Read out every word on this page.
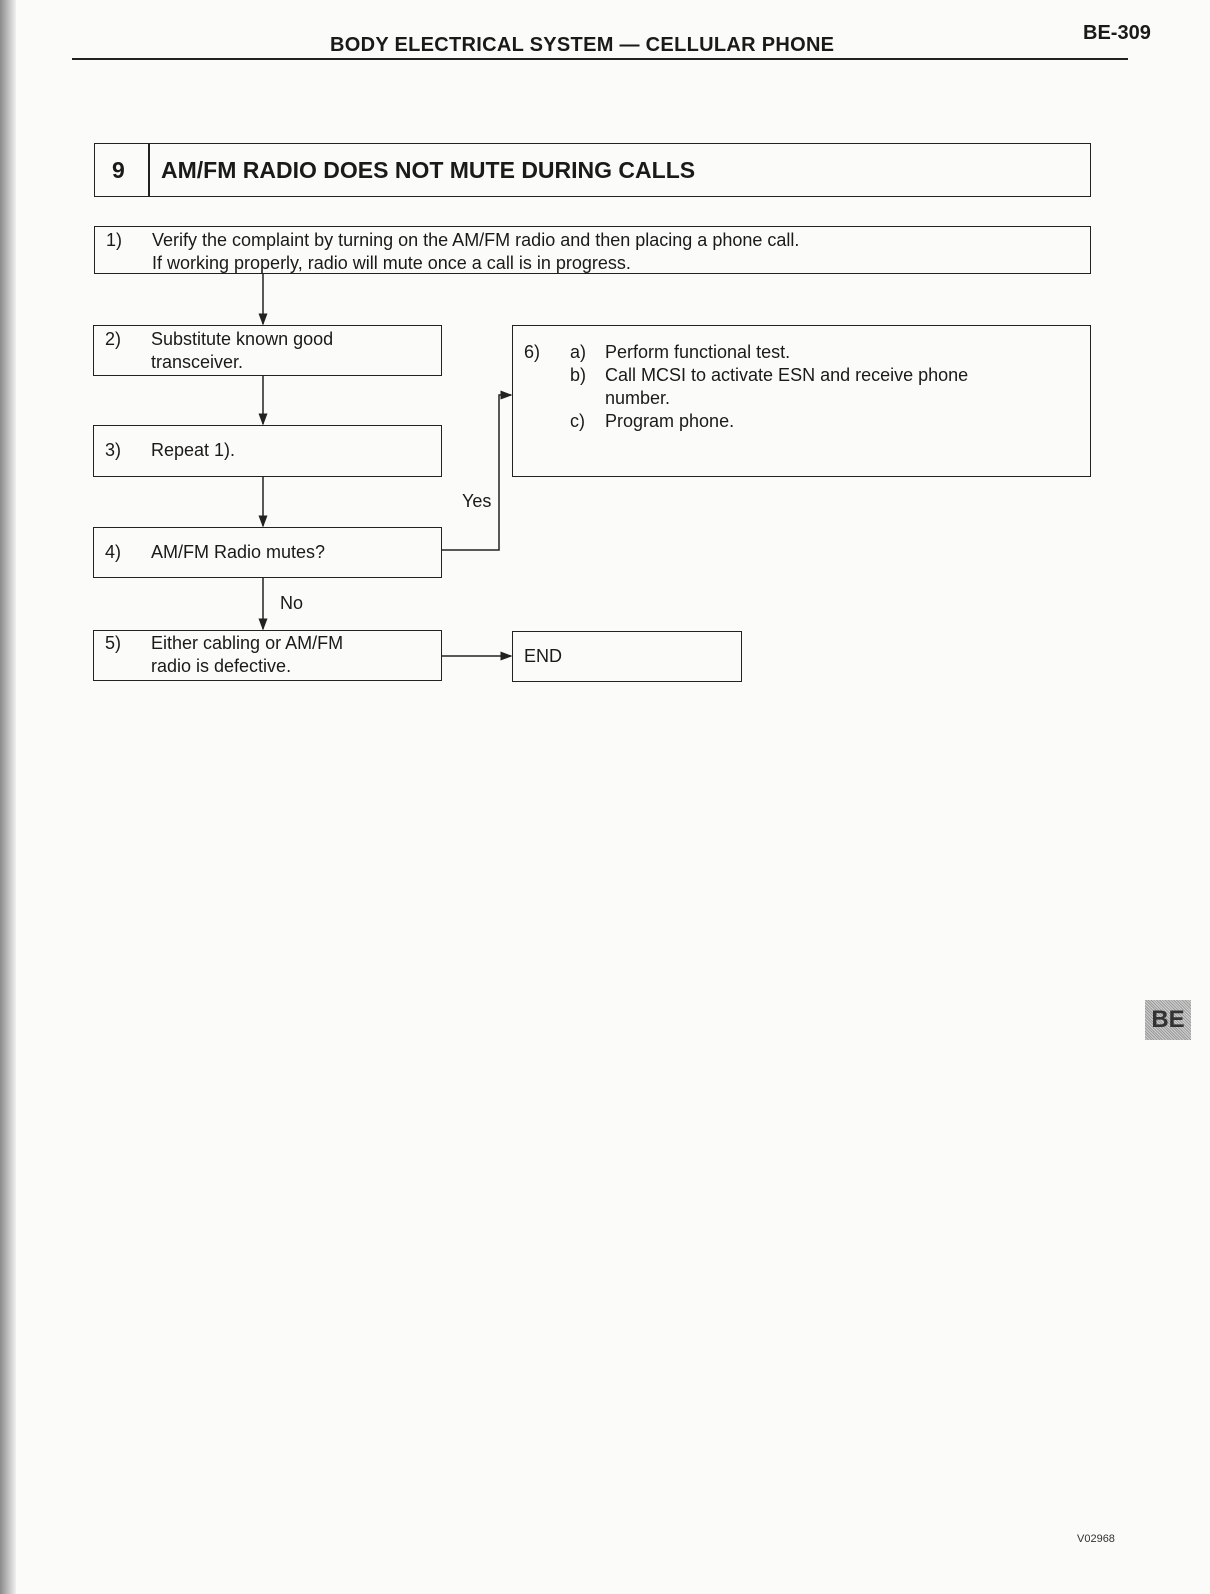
BODY ELECTRICAL SYSTEM — CELLULAR PHONE
BE-309
9 AM/FM RADIO DOES NOT MUTE DURING CALLS
1) Verify the complaint by turning on the AM/FM radio and then placing a phone call.
If working properly, radio will mute once a call is in progress.
2) Substitute known good
transceiver.
3) Repeat 1).
4) AM/FM Radio mutes?
5) Either cabling or AM/FM
radio is defective.
6) a) Perform functional test.
b) Call MCSI to activate ESN and receive phone
number.
c) Program phone.
END
Yes
No
BE
V02968
